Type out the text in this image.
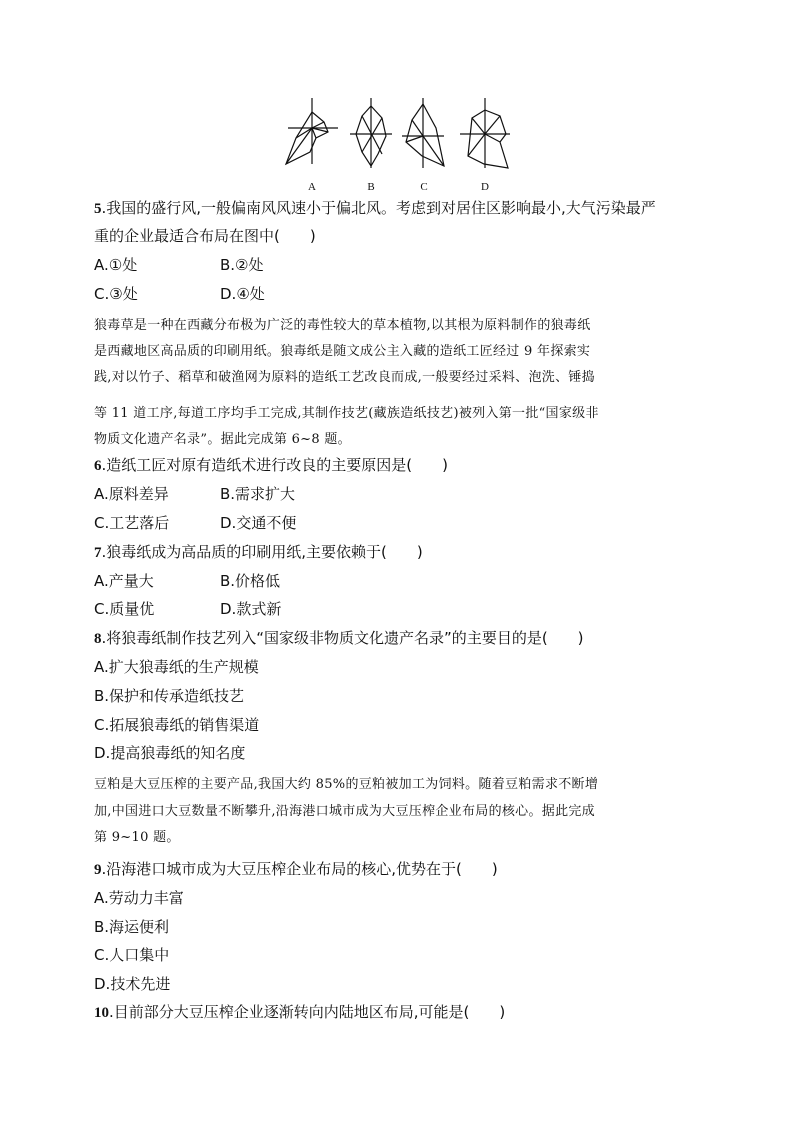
A	B	C	D
5.我国的盛行风,一般偏南风风速小于偏北风。考虑到对居住区影响最小,大气污染最严
重的企业最适合布局在图中(　　)
A.①处	B.②处
C.③处	D.④处
狼毒草是一种在西藏分布极为广泛的毒性较大的草本植物,以其根为原料制作的狼毒纸
是西藏地区高品质的印刷用纸。狼毒纸是随文成公主入藏的造纸工匠经过 9 年探索实
践,对以竹子、稻草和破渔网为原料的造纸工艺改良而成,一般要经过采料、泡洗、锤捣
等 11 道工序,每道工序均手工完成,其制作技艺(藏族造纸技艺)被列入第一批“国家级非
物质文化遗产名录”。据此完成第 6~8 题。
6.造纸工匠对原有造纸术进行改良的主要原因是(　　)
A.原料差异	B.需求扩大
C.工艺落后	D.交通不便
7.狼毒纸成为高品质的印刷用纸,主要依赖于(　　)
A.产量大	B.价格低
C.质量优	D.款式新
8.将狼毒纸制作技艺列入“国家级非物质文化遗产名录”的主要目的是(　　)
A.扩大狼毒纸的生产规模
B.保护和传承造纸技艺
C.拓展狼毒纸的销售渠道
D.提高狼毒纸的知名度
豆粕是大豆压榨的主要产品,我国大约 85%的豆粕被加工为饲料。随着豆粕需求不断增
加,中国进口大豆数量不断攀升,沿海港口城市成为大豆压榨企业布局的核心。据此完成
第 9~10 题。
9.沿海港口城市成为大豆压榨企业布局的核心,优势在于(　　)
A.劳动力丰富
B.海运便利
C.人口集中
D.技术先进
10.目前部分大豆压榨企业逐渐转向内陆地区布局,可能是(　　)
